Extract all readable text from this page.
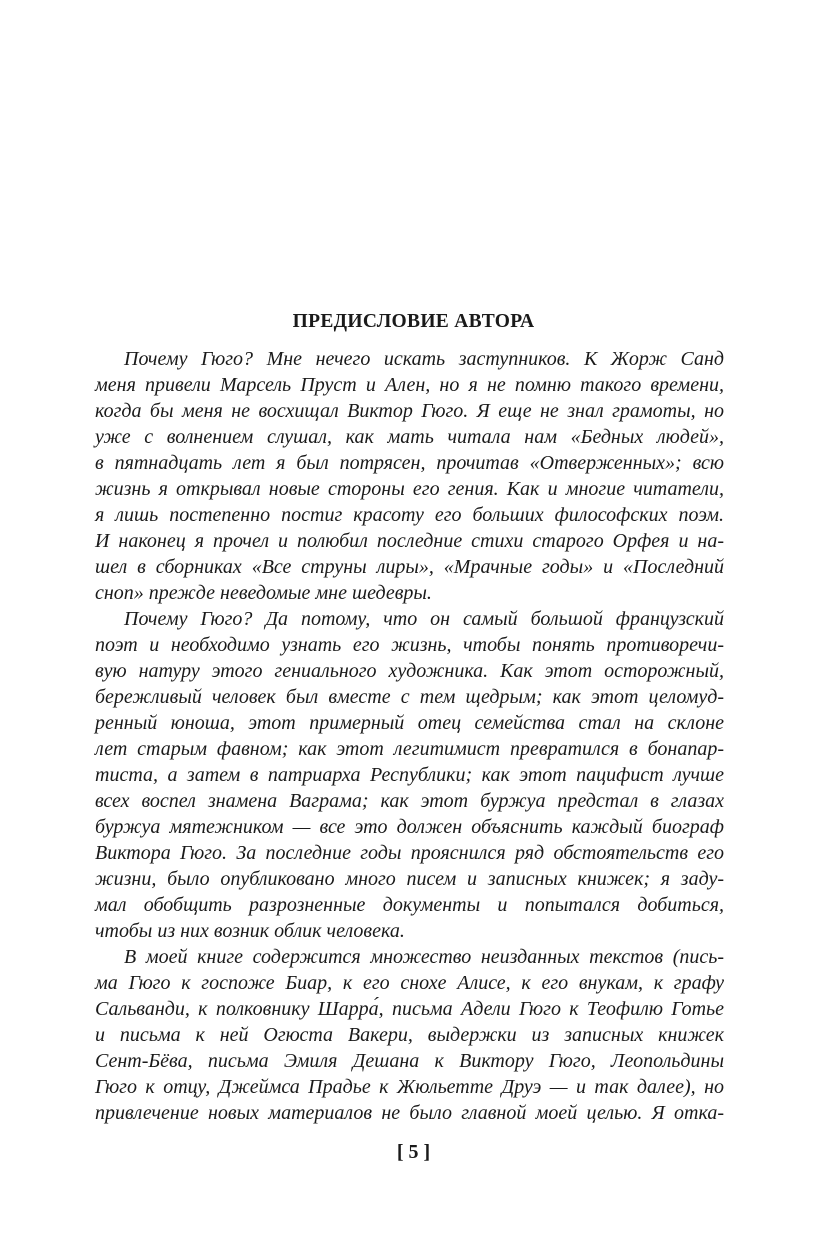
ПРЕДИСЛОВИЕ АВТОРА
Почему Гюго? Мне нечего искать заступников. К Жорж Санд
меня привели Марсель Пруст и Ален, но я не помню такого времени,
когда бы меня не восхищал Виктор Гюго. Я еще не знал грамоты, но
уже с волнением слушал, как мать читала нам «Бедных людей»,
в пятнадцать лет я был потрясен, прочитав «Отверженных»; всю
жизнь я открывал новые стороны его гения. Как и многие читатели,
я лишь постепенно постиг красоту его больших философских поэм.
И наконец я прочел и полюбил последние стихи старого Орфея и на-
шел в сборниках «Все струны лиры», «Мрачные годы» и «Последний
сноп» прежде неведомые мне шедевры.
Почему Гюго? Да потому, что он самый большой французский
поэт и необходимо узнать его жизнь, чтобы понять противоречи-
вую натуру этого гениального художника. Как этот осторожный,
бережливый человек был вместе с тем щедрым; как этот целомуд-
ренный юноша, этот примерный отец семейства стал на склоне
лет старым фавном; как этот легитимист превратился в бонапар-
тиста, а затем в патриарха Республики; как этот пацифист лучше
всех воспел знамена Ваграма; как этот буржуа предстал в глазах
буржуа мятежником — все это должен объяснить каждый биограф
Виктора Гюго. За последние годы прояснился ряд обстоятельств его
жизни, было опубликовано много писем и записных книжек; я заду-
мал обобщить разрозненные документы и попытался добиться,
чтобы из них возник облик человека.
В моей книге содержится множество неизданных текстов (пись-
ма Гюго к госпоже Биар, к его снохе Алисе, к его внукам, к графу
Сальванди, к полковнику Шарра́, письма Адели Гюго к Теофилю Готье
и письма к ней Огюста Вакери, выдержки из записных книжек
Сент-Бёва, письма Эмиля Дешана к Виктору Гюго, Леопольдины
Гюго к отцу, Джеймса Прадье к Жюльетте Друэ — и так далее), но
привлечение новых материалов не было главной моей целью. Я отка-
[ 5 ]
